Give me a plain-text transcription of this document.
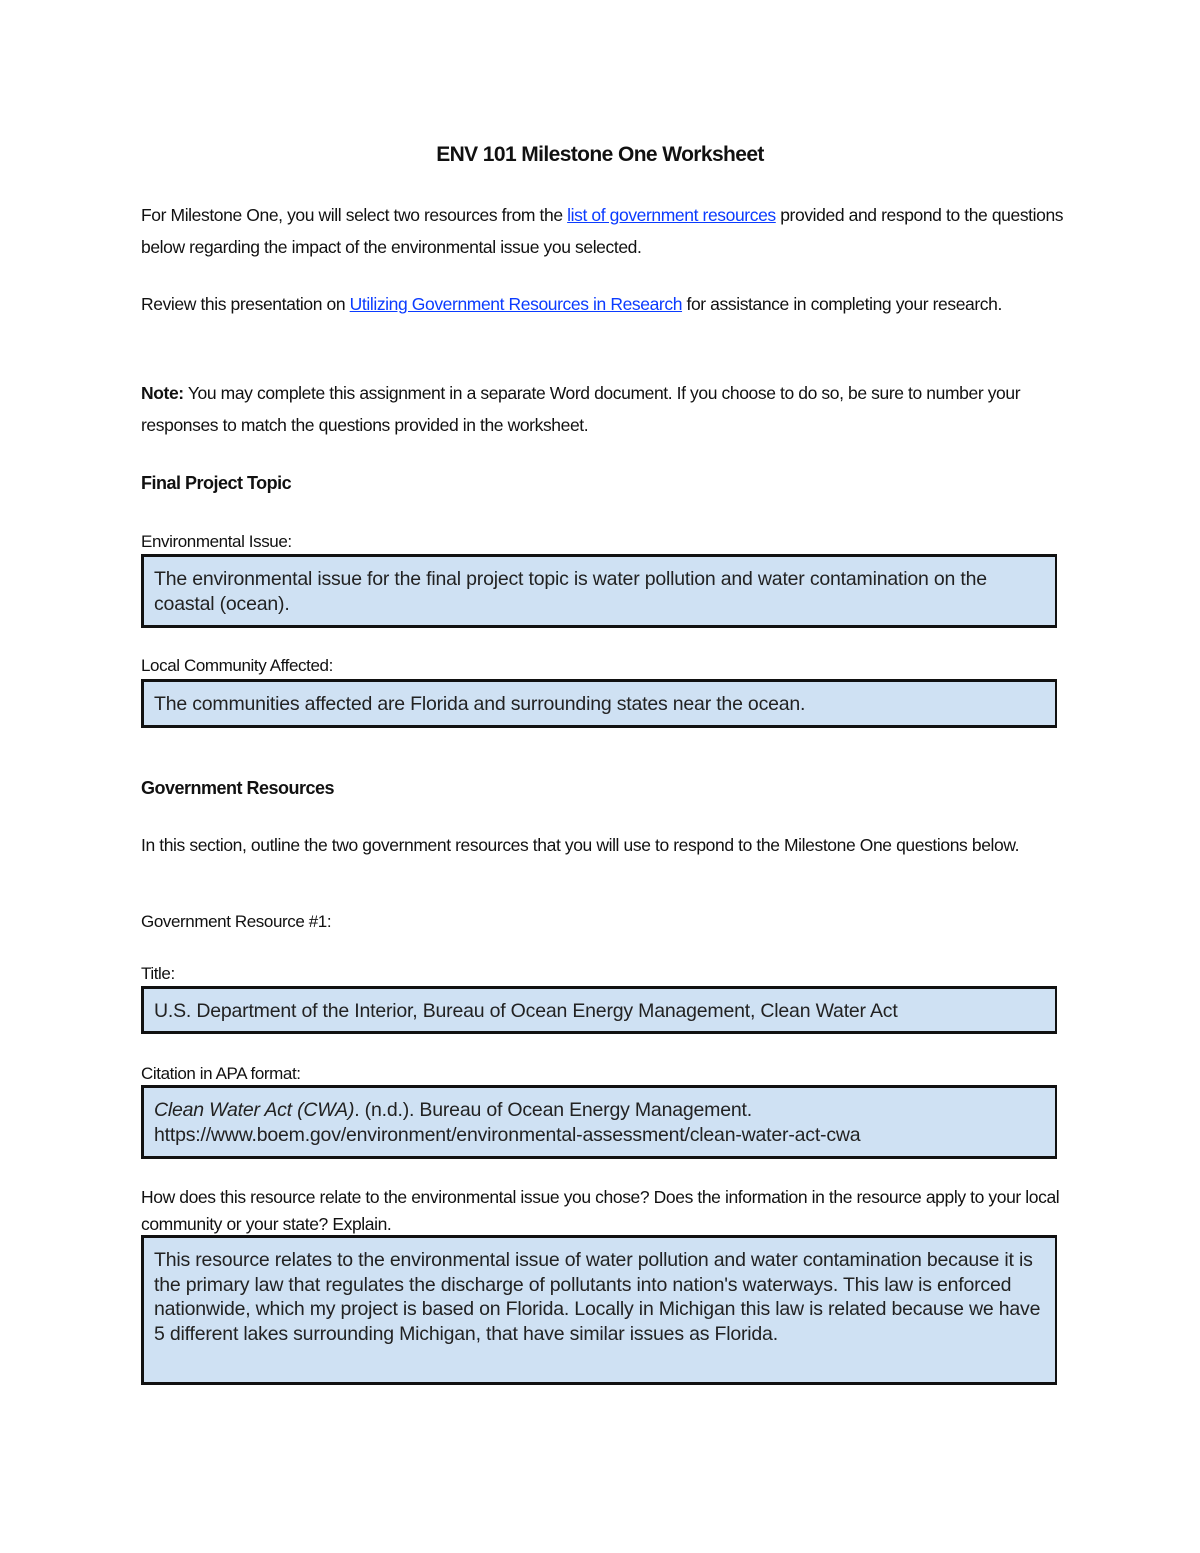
ENV 101 Milestone One Worksheet
For Milestone One, you will select two resources from the list of government resources provided and respond to the questions below regarding the impact of the environmental issue you selected.
Review this presentation on Utilizing Government Resources in Research for assistance in completing your research.
Note: You may complete this assignment in a separate Word document. If you choose to do so, be sure to number your responses to match the questions provided in the worksheet.
Final Project Topic
Environmental Issue:
The environmental issue for the final project topic is water pollution and water contamination on the coastal (ocean).
Local Community Affected:
The communities affected are Florida and surrounding states near the ocean.
Government Resources
In this section, outline the two government resources that you will use to respond to the Milestone One questions below.
Government Resource #1:
Title:
U.S. Department of the Interior, Bureau of Ocean Energy Management, Clean Water Act
Citation in APA format:
Clean Water Act (CWA). (n.d.). Bureau of Ocean Energy Management.
https://www.boem.gov/environment/environmental-assessment/clean-water-act-cwa
How does this resource relate to the environmental issue you chose? Does the information in the resource apply to your local community or your state? Explain.
This resource relates to the environmental issue of water pollution and water contamination because it is the primary law that regulates the discharge of pollutants into nation's waterways. This law is enforced nationwide, which my project is based on Florida. Locally in Michigan this law is related because we have 5 different lakes surrounding Michigan, that have similar issues as Florida.
